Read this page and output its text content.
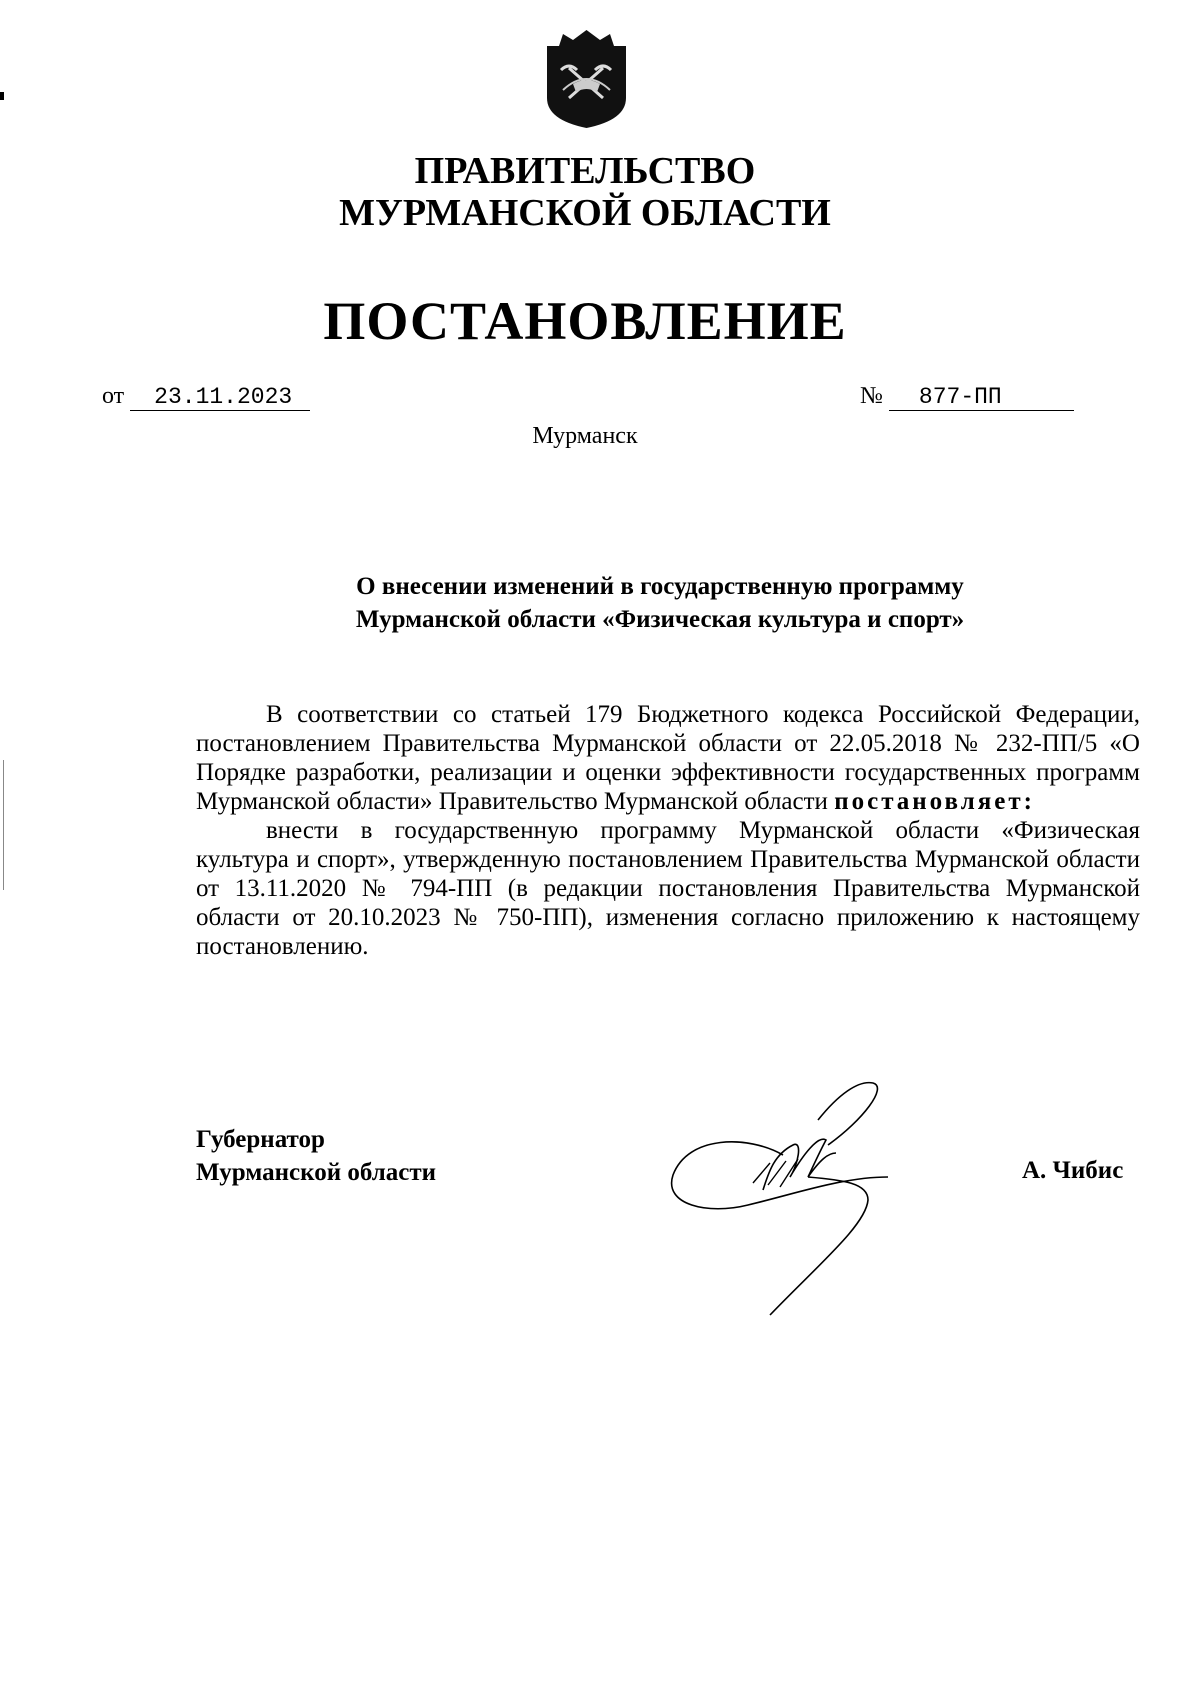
ПРАВИТЕЛЬСТВО
МУРМАНСКОЙ ОБЛАСТИ
ПОСТАНОВЛЕНИЕ
от 23.11.2023	№ 877-ПП
Мурманск
О внесении изменений в государственную программу
Мурманской области «Физическая культура и спорт»

В соответствии со статьей 179 Бюджетного кодекса Российской Федерации, постановлением Правительства Мурманской области от 22.05.2018 № 232-ПП/5 «О Порядке разработки, реализации и оценки эффективности государственных программ Мурманской области» Правительство Мурманской области постановляет:

внести в государственную программу Мурманской области «Физическая культура и спорт», утвержденную постановлением Правительства Мурманской области от 13.11.2020 № 794-ПП (в редакции постановления Правительства Мурманской области от 20.10.2023 № 750-ПП), изменения согласно приложению к настоящему постановлению.

Губернатор
Мурманской области	А. Чибис
